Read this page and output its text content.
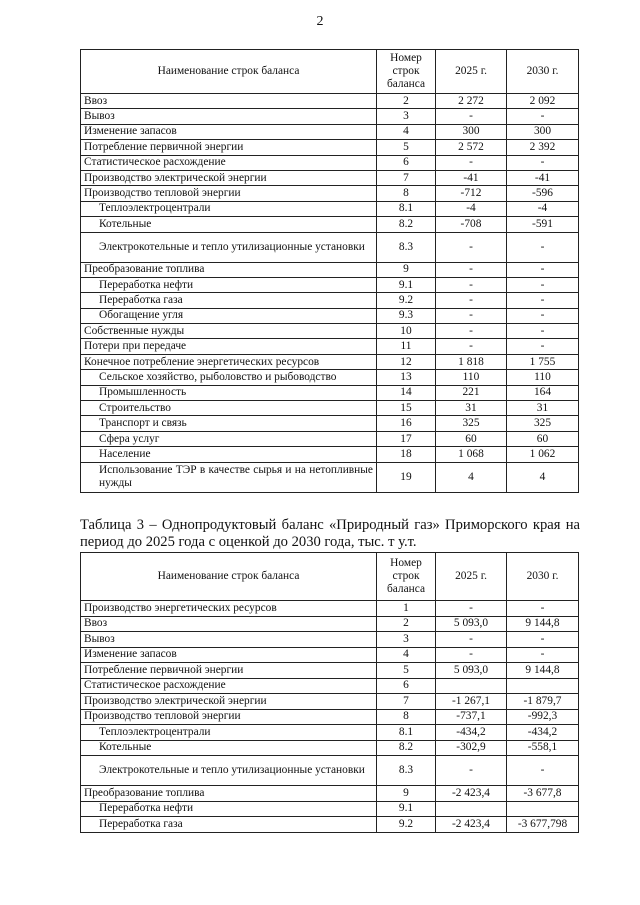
2
Наименование строк баланса	Номер строк баланса	2025 г.	2030 г.
Ввоз	2	2 272	2 092
Вывоз	3	-	-
Изменение запасов	4	300	300
Потребление первичной энергии	5	2 572	2 392
Статистическое расхождение	6	-	-
Производство электрической энергии	7	-41	-41
Производство тепловой энергии	8	-712	-596
Теплоэлектроцентрали	8.1	-4	-4
Котельные	8.2	-708	-591
Электрокотельные и тепло утилизационные установки	8.3	-	-
Преобразование топлива	9	-	-
Переработка нефти	9.1	-	-
Переработка газа	9.2	-	-
Обогащение угля	9.3	-	-
Собственные нужды	10	-	-
Потери при передаче	11	-	-
Конечное потребление энергетических ресурсов	12	1 818	1 755
Сельское хозяйство, рыболовство и рыбоводство	13	110	110
Промышленность	14	221	164
Строительство	15	31	31
Транспорт и связь	16	325	325
Сфера услуг	17	60	60
Население	18	1 068	1 062
Использование ТЭР в качестве сырья и на нетопливные нужды	19	4	4
Таблица 3 – Однопродуктовый баланс «Природный газ» Приморского края на период до 2025 года с оценкой до 2030 года, тыс. т у.т.
Наименование строк баланса	Номер строк баланса	2025 г.	2030 г.
Производство энергетических ресурсов	1	-	-
Ввоз	2	5 093,0	9 144,8
Вывоз	3	-	-
Изменение запасов	4	-	-
Потребление первичной энергии	5	5 093,0	9 144,8
Статистическое расхождение	6		
Производство электрической энергии	7	-1 267,1	-1 879,7
Производство тепловой энергии	8	-737,1	-992,3
Теплоэлектроцентрали	8.1	-434,2	-434,2
Котельные	8.2	-302,9	-558,1
Электрокотельные и тепло утилизационные установки	8.3	-	-
Преобразование топлива	9	-2 423,4	-3 677,8
Переработка нефти	9.1		
Переработка газа	9.2	-2 423,4	-3 677,798
